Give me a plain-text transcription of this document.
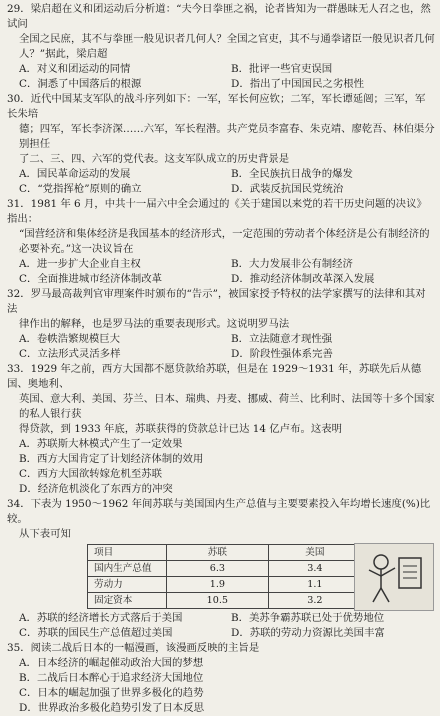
29．梁启超在义和团运动后分析道：“夫今日拳匪之祸，论者皆知为一群愚昧无人召之也，然试问

全国之民庶，其不与拳匪一般见识者几何人？全国之官吏，其不与通拳诸臣一般见识者几何

人？”据此，梁启超

A．对义和团运动的同情	B．批评一些官吏误国
C．洞悉了中国落后的根源	D．指出了中国国民之劣根性

30．近代中国某支军队的战斗序列如下：一军，军长何应钦；二军，军长谭延闿；三军，军长朱培

德；四军，军长李济深……六军，军长程潜。共产党员李富春、朱克靖、廖乾吾、林伯渠分别担任

了二、三、四、六军的党代表。这支军队成立的历史背景是

A．国民革命运动的发展	B．全民族抗日战争的爆发
C．“党指挥枪”原则的确立	D．武装反抗国民党统治

31．1981 年 6 月，中共十一届六中全会通过的《关于建国以来党的若干历史问题的决议》指出：

“国营经济和集体经济是我国基本的经济形式，一定范围的劳动者个体经济是公有制经济的

必要补充。”这一决议旨在

A．进一步扩大企业自主权	B．大力发展非公有制经济
C．全面推进城市经济体制改革	D．推动经济体制改革深入发展

32．罗马最高裁判官审理案件时颁布的“告示”，被国家授予特权的法学家撰写的法律和其对法

律作出的解释，也是罗马法的重要表现形式。这说明罗马法

A．卷帙浩繁规模巨大	B．立法随意才现性强
C．立法形式灵活多样	D．阶段性强体系完善

33．1929 年之前，西方大国都不愿贷款给苏联，但是在 1929～1931 年，苏联先后从德国、奥地利、

英国、意大利、美国、芬兰、日本、瑞典、丹麦、挪威、荷兰、比利时、法国等十多个国家的私人银行获

得贷款，到 1933 年底，苏联获得的贷款总计已达 14 亿卢布。这表明

A．苏联斯大林模式产生了一定效果
B．西方大国肯定了计划经济体制的效用
C．西方大国欲转嫁危机至苏联
D．经济危机淡化了东西方的冲突

34．下表为 1950～1962 年间苏联与美国国内生产总值与主要要素投入年均增长速度(%)比较。

从下表可知

项目	苏联	美国
国内生产总值	6.3	3.4
劳动力	1.9	1.1
固定资本	10.5	3.2
A．苏联的经济增长方式落后于美国	B．美苏争霸苏联已处于优势地位
C．苏联的国民生产总值超过美国	D．苏联的劳动力资源比美国丰富

35．阅读二战后日本的一幅漫画，该漫画反映的主旨是

A．日本经济的崛起催动政治大国的梦想
B．二战后日本醉心于追求经济大国地位
C．日本的崛起加强了世界多极化的趋势
D．世界政治多极化趋势引发了日本反思
